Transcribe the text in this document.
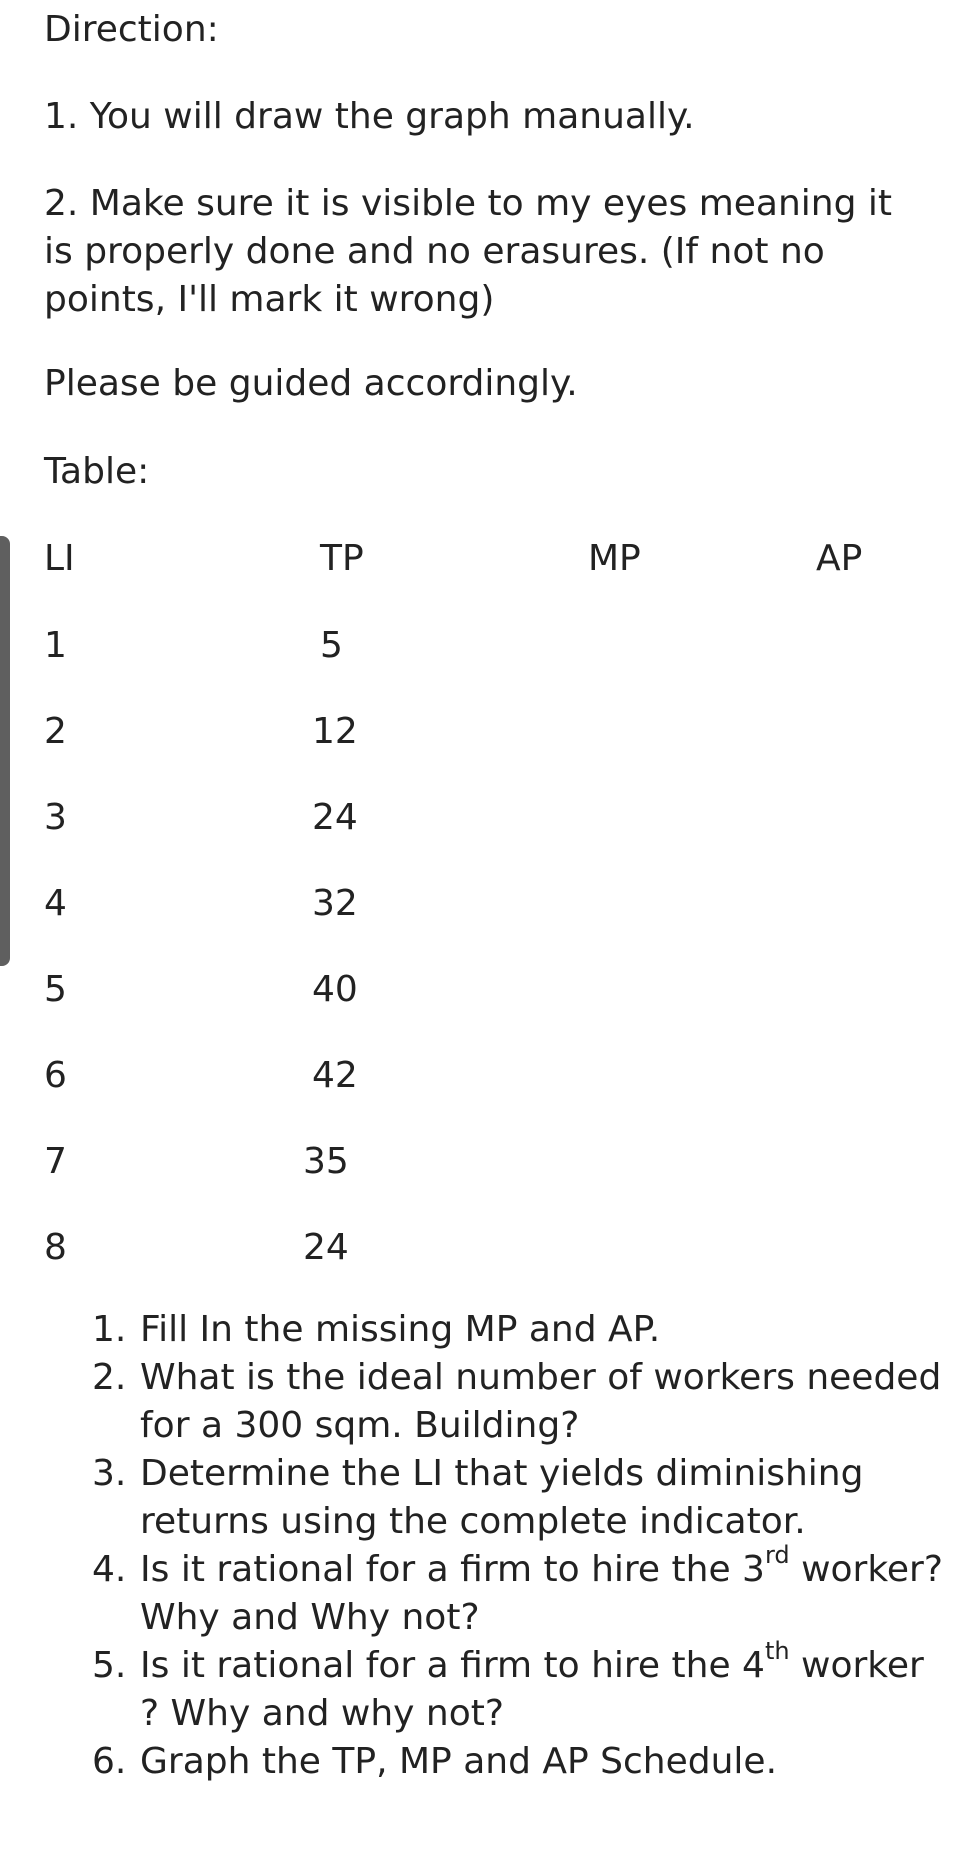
Direction:
1. You will draw the graph manually.
2. Make sure it is visible to my eyes meaning it is properly done and no erasures. (If not no points, I'll mark it wrong)
Please be guided accordingly.
Table:
LI	TP	MP	AP
1	5
2	12
3	24
4	32
5	40
6	42
7	35
8	24
1. Fill In the missing MP and AP.
2. What is the ideal number of workers needed for a 300 sqm. Building?
3. Determine the LI that yields diminishing returns using the complete indicator.
4. Is it rational for a firm to hire the 3rd worker? Why and Why not?
5. Is it rational for a firm to hire the 4th worker ? Why and why not?
6. Graph the TP, MP and AP Schedule.
